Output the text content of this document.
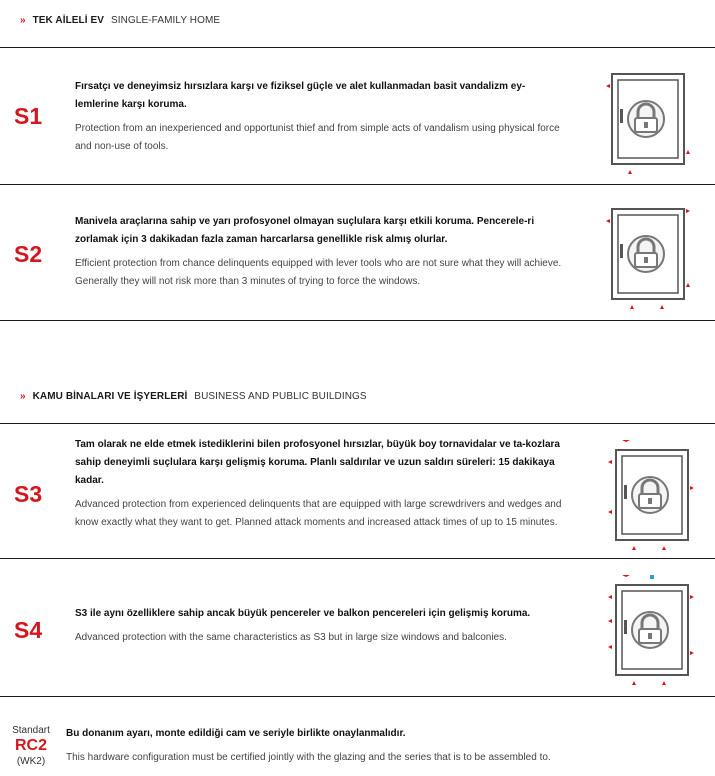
» TEK AİLELİ EV SINGLE-FAMILY HOME
S1
Fırsatçı ve deneyimsiz hırsızlara karşı ve fiziksel güçle ve alet kullanmadan basit vandalizm ey-lemlerine karşı koruma.
Protection from an inexperienced and opportunist thief and from simple acts of vandalism using physical force and non-use of tools.
S2
Manivela araçlarına sahip ve yarı profosyonel olmayan suçlulara karşı etkili koruma. Pencerele-ri zorlamak için 3 dakikadan fazla zaman harcarlarsa genellikle risk almış olurlar.
Efficient protection from chance delinquents equipped with lever tools who are not sure what they will achieve. Generally they will not risk more than 3 minutes of trying to force the windows.
» KAMU BİNALARI VE İŞYERLERİ BUSINESS AND PUBLIC BUILDINGS
S3
Tam olarak ne elde etmek istediklerini bilen profosyonel hırsızlar, büyük boy tornavidalar ve ta-kozlara sahip deneyimli suçlulara karşı gelişmiş koruma. Planlı saldırılar ve uzun saldırı süreleri: 15 dakikaya kadar.
Advanced protection from experienced delinquents that are equipped with large screwdrivers and wedges and know exactly what they want to get. Planned attack moments and increased attack times of up to 15 minutes.
S4
S3 ile aynı özelliklere sahip ancak büyük pencereler ve balkon pencereleri için gelişmiş koruma.
Advanced protection with the same characteristics as S3 but in large size windows and balconies.
Standart
RC2
(WK2)
Bu donanım ayarı, monte edildiği cam ve seriyle birlikte onaylanmalıdır.
This hardware configuration must be certified jointly with the glazing and the series that is to be assembled to.
